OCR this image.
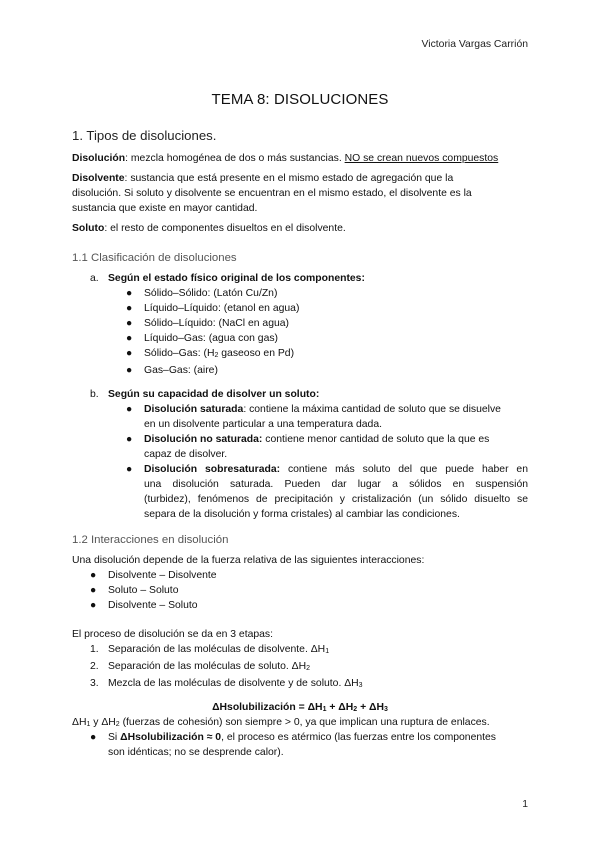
Victoria Vargas Carrión
TEMA 8: DISOLUCIONES
1. Tipos de disoluciones.

Disolución: mezcla homogénea de dos o más sustancias. NO se crean nuevos compuestos

Disolvente: sustancia que está presente en el mismo estado de agregación que la

disolución. Si soluto y disolvente se encuentran en el mismo estado, el disolvente es la

sustancia que existe en mayor cantidad.

Soluto: el resto de componentes disueltos en el disolvente.

1.1 Clasificación de disoluciones
a. Según el estado físico original de los componentes:
● Sólido–Sólido: (Latón Cu/Zn)
● Líquido–Líquido: (etanol en agua)
● Sólido–Líquido: (NaCl en agua)
● Líquido–Gas: (agua con gas)
● Sólido–Gas: (H2 gaseoso en Pd)
● Gas–Gas: (aire)
b. Según su capacidad de disolver un soluto:
● Disolución saturada: contiene la máxima cantidad de soluto que se disuelve
en un disolvente particular a una temperatura dada.
● Disolución no saturada: contiene menor cantidad de soluto que la que es
capaz de disolver.
● Disolución sobresaturada: contiene más soluto del que puede haber en
una disolución saturada. Pueden dar lugar a sólidos en suspensión
(turbidez), fenómenos de precipitación y cristalización (un sólido disuelto se
separa de la disolución y forma cristales) al cambiar las condiciones.
1.2 Interacciones en disolución
Una disolución depende de la fuerza relativa de las siguientes interacciones:
● Disolvente – Disolvente
● Soluto – Soluto
● Disolvente – Soluto
El proceso de disolución se da en 3 etapas:
1. Separación de las moléculas de disolvente. ΔH1
2. Separación de las moléculas de soluto. ΔH2
3. Mezcla de las moléculas de disolvente y de soluto. ΔH3
ΔHsolubilización = ΔH1 + ΔH2 + ΔH3
ΔH1 y ΔH2 (fuerzas de cohesión) son siempre > 0, ya que implican una ruptura de enlaces.
● Si ΔHsolubilización ≈ 0, el proceso es atérmico (las fuerzas entre los componentes
son idénticas; no se desprende calor).
1
